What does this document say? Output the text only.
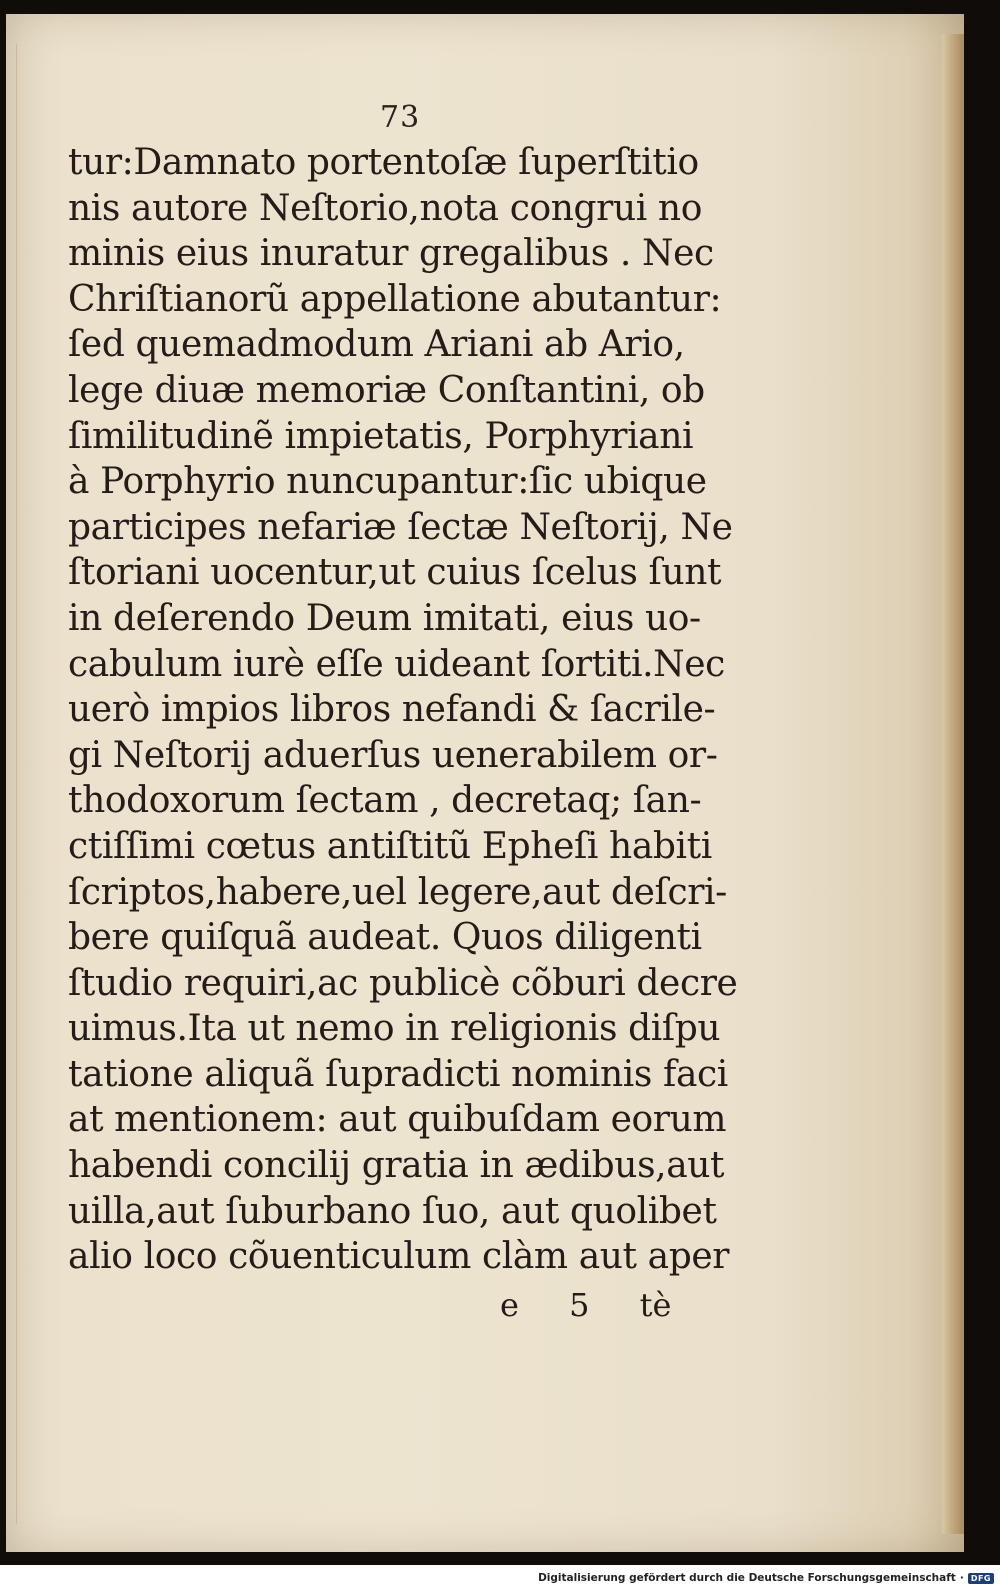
73
tur:Damnato portentoſæ ſuperſtitio
nis autore Neſtorio,nota congrui no
minis eius inuratur gregalibus . Nec
Chriſtianorũ appellatione abutantur:
ſed quemadmodum Ariani ab Ario,
lege diuæ memoriæ Conſtantini, ob
ſimilitudinẽ impietatis, Porphyriani
à Porphyrio nuncupantur:ſic ubique
participes nefariæ ſectæ Neſtorij, Ne
ſtoriani uocentur,ut cuius ſcelus ſunt
in deſerendo Deum imitati, eius uo-
cabulum iurè eſſe uideant ſortiti.Nec
uerò impios libros nefandi & ſacrile-
gi Neſtorij aduerſus uenerabilem or-
thodoxorum ſectam , decretaq; ſan-
ctiſſimi cœtus antiſtitũ Epheſi habiti
ſcriptos,habere,uel legere,aut deſcri-
bere quiſquã audeat. Quos diligenti
ſtudio requiri,ac publicè cõburi decre
uimus.Ita ut nemo in religionis diſpu
tatione aliquã ſupradicti nominis faci
at mentionem: aut quibuſdam eorum
habendi concilij gratia in ædibus,aut
uilla,aut ſuburbano ſuo, aut quolibet
alio loco cõuenticulum clàm aut aper
e 5 tè
Digitalisierung gefördert durch die Deutsche Forschungsgemeinschaft · DFG
